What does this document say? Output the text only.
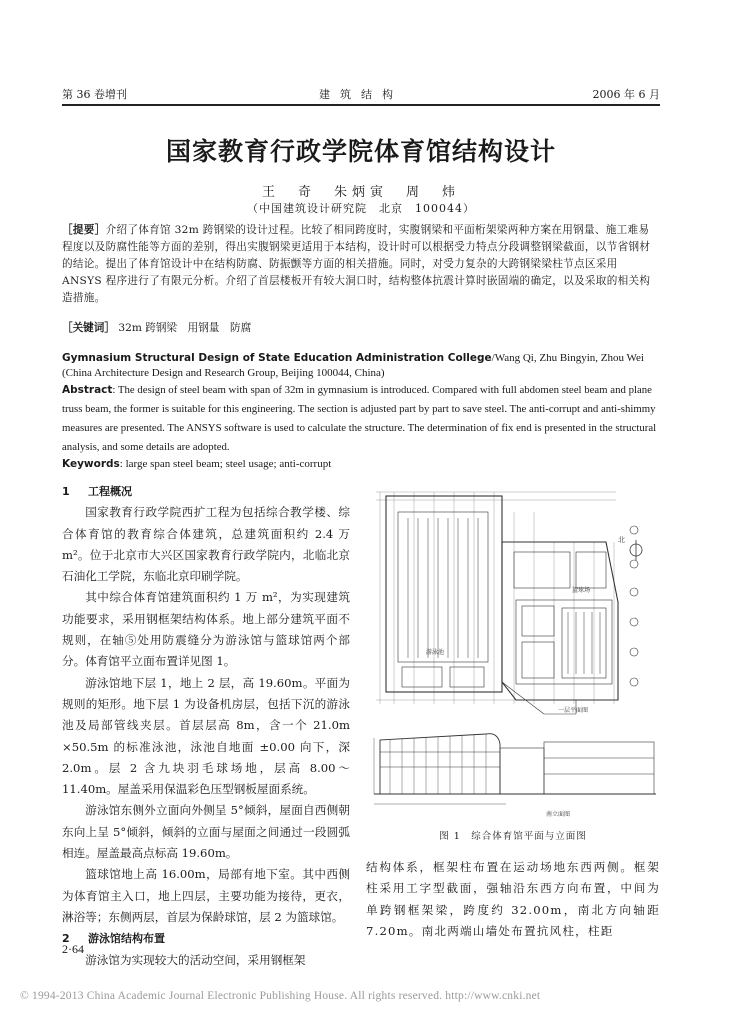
第 36 卷增刊	建筑结构	2006 年 6 月
国家教育行政学院体育馆结构设计
王　奇　朱炳寅　周　炜
（中国建筑设计研究院　北京　100044）
［提要］介绍了体育馆 32m 跨钢梁的设计过程。比较了相同跨度时，实腹钢梁和平面桁架梁两种方案在用钢量、施工难易程度以及防腐性能等方面的差别，得出实腹钢梁更适用于本结构，设计时可以根据受力特点分段调整钢梁截面，以节省钢材的结论。提出了体育馆设计中在结构防腐、防振颤等方面的相关措施。同时，对受力复杂的大跨钢梁梁柱节点区采用 ANSYS 程序进行了有限元分析。介绍了首层楼板开有较大洞口时，结构整体抗震计算时嵌固端的确定，以及采取的相关构造措施。
［关键词］ 32m 跨钢梁　用钢量　防腐
Gymnasium Structural Design of State Education Administration College/Wang Qi, Zhu Bingyin, Zhou Wei
(China Architecture Design and Research Group, Beijing 100044, China)
Abstract: The design of steel beam with span of 32m in gymnasium is introduced. Compared with full abdomen steel beam and plane truss beam, the former is suitable for this engineering. The section is adjusted part by part to save steel. The anti-corrupt and anti-shimmy measures are presented. The ANSYS software is used to calculate the structure. The determination of fix end is presented in the structural analysis, and some details are adopted.
Keywords: large span steel beam; steel usage; anti-corrupt
1 工程概况

国家教育行政学院西扩工程为包括综合教学楼、综合体育馆的教育综合体建筑，总建筑面积约 2.4 万 m²。位于北京市大兴区国家教育行政学院内，北临北京石油化工学院，东临北京印刷学院。

其中综合体育馆建筑面积约 1 万 m²，为实现建筑功能要求，采用钢框架结构体系。地上部分建筑平面不规则，在轴⑤处用防震缝分为游泳馆与篮球馆两个部分。体育馆平立面布置详见图 1。

游泳馆地下层 1，地上 2 层，高 19.60m。平面为规则的矩形。地下层 1 为设备机房层，包括下沉的游泳池及局部管线夹层。首层层高 8m，含一个 21.0m ×50.5m 的标准泳池，泳池自地面 ±0.00 向下，深 2.0m。层 2 含九块羽毛球场地，层高 8.00～11.40m。屋盖采用保温彩色压型钢板屋面系统。

游泳馆东侧外立面向外侧呈 5°倾斜，屋面自西侧朝东向上呈 5°倾斜，倾斜的立面与屋面之间通过一段圆弧相连。屋盖最高点标高 19.60m。

篮球馆地上高 16.00m，局部有地下室。其中西侧为体育馆主入口，地上四层，主要功能为接待，更衣，淋浴等；东侧两层，首层为保龄球馆，层 2 为篮球馆。

2 游泳馆结构布置

游泳馆为实现较大的活动空间，采用钢框架

北
游泳池
篮球场
一层平面图
南立面图
图 1　综合体育馆平面与立面图
结构体系，框架柱布置在运动场地东西两侧。框架柱采用工字型截面，强轴沿东西方向布置，中间为单跨钢框架梁，跨度约 32.00m，南北方向轴距 7.20m。南北两端山墙处布置抗风柱，柱距
2·64
© 1994-2013 China Academic Journal Electronic Publishing House. All rights reserved. http://www.cnki.net
